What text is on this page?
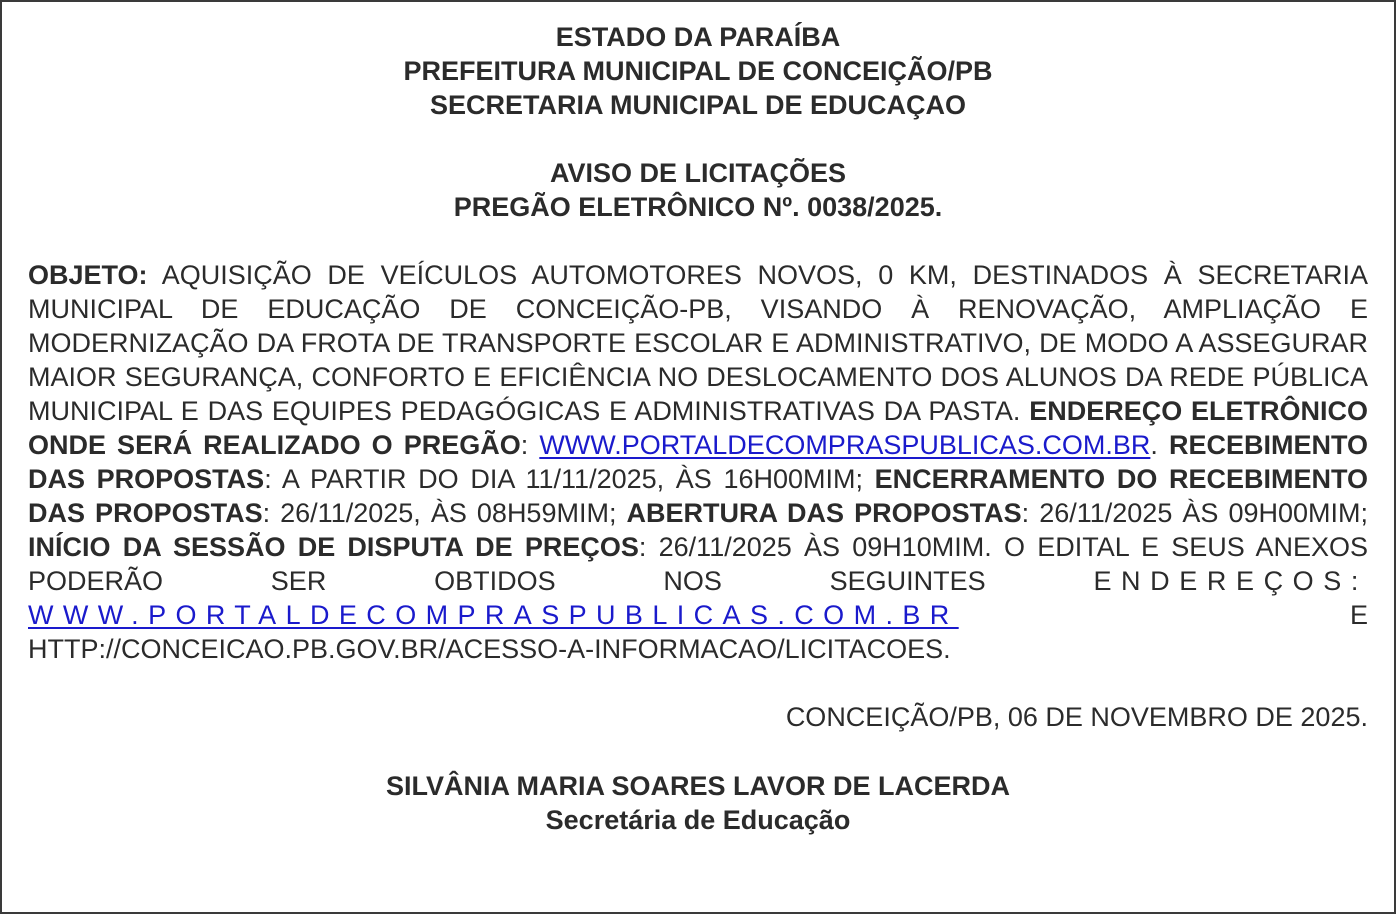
ESTADO DA PARAÍBA
PREFEITURA MUNICIPAL DE CONCEIÇÃO/PB
SECRETARIA MUNICIPAL DE EDUCAÇAO
AVISO DE LICITAÇÕES
PREGÃO ELETRÔNICO Nº. 0038/2025.
OBJETO: AQUISIÇÃO DE VEÍCULOS AUTOMOTORES NOVOS, 0 KM, DESTINADOS À SECRETARIA MUNICIPAL DE EDUCAÇÃO DE CONCEIÇÃO-PB, VISANDO À RENOVAÇÃO, AMPLIAÇÃO E MODERNIZAÇÃO DA FROTA DE TRANSPORTE ESCOLAR E ADMINISTRATIVO, DE MODO A ASSEGURAR MAIOR SEGURANÇA, CONFORTO E EFICIÊNCIA NO DESLOCAMENTO DOS ALUNOS DA REDE PÚBLICA MUNICIPAL E DAS EQUIPES PEDAGÓGICAS E ADMINISTRATIVAS DA PASTA. ENDEREÇO ELETRÔNICO ONDE SERÁ REALIZADO O PREGÃO: WWW.PORTALDECOMPRASPUBLICAS.COM.BR. RECEBIMENTO DAS PROPOSTAS: A PARTIR DO DIA 11/11/2025, ÀS 16H00MIM; ENCERRAMENTO DO RECEBIMENTO DAS PROPOSTAS: 26/11/2025, ÀS 08H59MIM; ABERTURA DAS PROPOSTAS: 26/11/2025 ÀS 09H00MIM; INÍCIO DA SESSÃO DE DISPUTA DE PREÇOS: 26/11/2025 ÀS 09H10MIM. O EDITAL E SEUS ANEXOS PODERÃO SER OBTIDOS NOS SEGUINTES ENDEREÇOS: WWW.PORTALDECOMPRASPUBLICAS.COM.BR E HTTP://CONCEICAO.PB.GOV.BR/ACESSO-A-INFORMACAO/LICITACOES.
CONCEIÇÃO/PB, 06 DE NOVEMBRO DE 2025.
SILVÂNIA MARIA SOARES LAVOR DE LACERDA
Secretária de Educação
